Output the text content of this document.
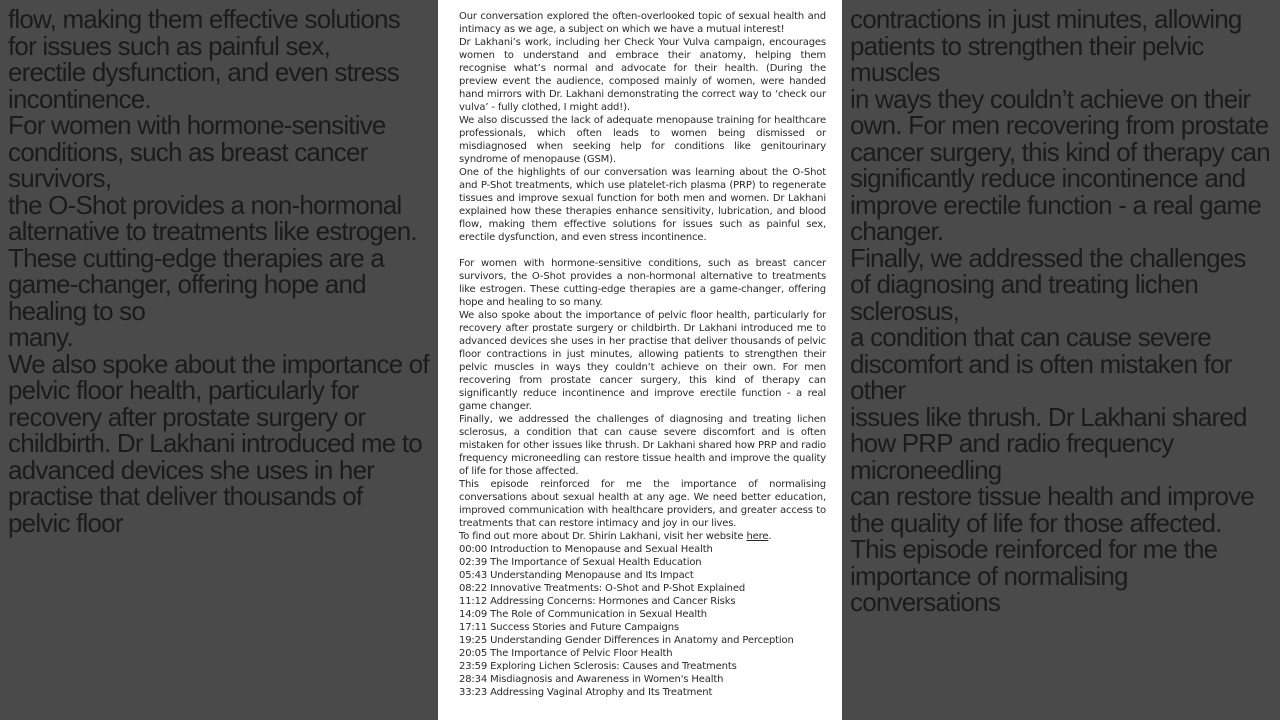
flow, making them effective solutions for issues such as painful sex,
erectile dysfunction, and even stress incontinence.
For women with hormone-sensitive conditions, such as breast cancer survivors,
the O-Shot provides a non-hormonal alternative to treatments like estrogen.
These cutting-edge therapies are a game-changer, offering hope and healing to so
many.
We also spoke about the importance of pelvic floor health, particularly for
recovery after prostate surgery or childbirth. Dr Lakhani introduced me to
advanced devices she uses in her practise that deliver thousands of pelvic floor
contractions in just minutes, allowing patients to strengthen their pelvic muscles
in ways they couldn’t achieve on their own. For men recovering from prostate
cancer surgery, this kind of therapy can significantly reduce incontinence and
improve erectile function - a real game changer.
Finally, we addressed the challenges of diagnosing and treating lichen sclerosus,
a condition that can cause severe discomfort and is often mistaken for other
issues like thrush. Dr Lakhani shared how PRP and radio frequency microneedling
can restore tissue health and improve the quality of life for those affected.
This episode reinforced for me the importance of normalising conversations

Our conversation explored the often-overlooked topic of sexual health and intimacy as we age, a subject on which we have a mutual interest!

Dr Lakhani’s work, including her Check Your Vulva campaign, encourages women to understand and embrace their anatomy, helping them recognise what’s normal and advocate for their health. (During the preview event the audience, composed mainly of women, were handed hand mirrors with Dr. Lakhani demonstrating the correct way to ‘check our vulva’ - fully clothed, I might add!).

We also discussed the lack of adequate menopause training for healthcare professionals, which often leads to women being dismissed or misdiagnosed when seeking help for conditions like genitourinary syndrome of menopause (GSM).

One of the highlights of our conversation was learning about the O-Shot and P-Shot treatments, which use platelet-rich plasma (PRP) to regenerate tissues and improve sexual function for both men and women. Dr Lakhani explained how these therapies enhance sensitivity, lubrication, and blood flow, making them effective solutions for issues such as painful sex, erectile dysfunction, and even stress incontinence.

For women with hormone-sensitive conditions, such as breast cancer survivors, the O-Shot provides a non-hormonal alternative to treatments like estrogen. These cutting-edge therapies are a game-changer, offering hope and healing to so many.

We also spoke about the importance of pelvic floor health, particularly for recovery after prostate surgery or childbirth. Dr Lakhani introduced me to advanced devices she uses in her practise that deliver thousands of pelvic floor contractions in just minutes, allowing patients to strengthen their pelvic muscles in ways they couldn’t achieve on their own. For men recovering from prostate cancer surgery, this kind of therapy can significantly reduce incontinence and improve erectile function - a real game changer.

Finally, we addressed the challenges of diagnosing and treating lichen sclerosus, a condition that can cause severe discomfort and is often mistaken for other issues like thrush. Dr Lakhani shared how PRP and radio frequency microneedling can restore tissue health and improve the quality of life for those affected.

This episode reinforced for me the importance of normalising conversations about sexual health at any age. We need better education, improved communication with healthcare providers, and greater access to treatments that can restore intimacy and joy in our lives.

To find out more about Dr. Shirin Lakhani, visit her website here.

00:00 Introduction to Menopause and Sexual Health
02:39 The Importance of Sexual Health Education
05:43 Understanding Menopause and Its Impact
08:22 Innovative Treatments: O-Shot and P-Shot Explained
11:12 Addressing Concerns: Hormones and Cancer Risks
14:09 The Role of Communication in Sexual Health
17:11 Success Stories and Future Campaigns
19:25 Understanding Gender Differences in Anatomy and Perception
20:05 The Importance of Pelvic Floor Health
23:59 Exploring Lichen Sclerosis: Causes and Treatments
28:34 Misdiagnosis and Awareness in Women's Health
33:23 Addressing Vaginal Atrophy and Its Treatment
